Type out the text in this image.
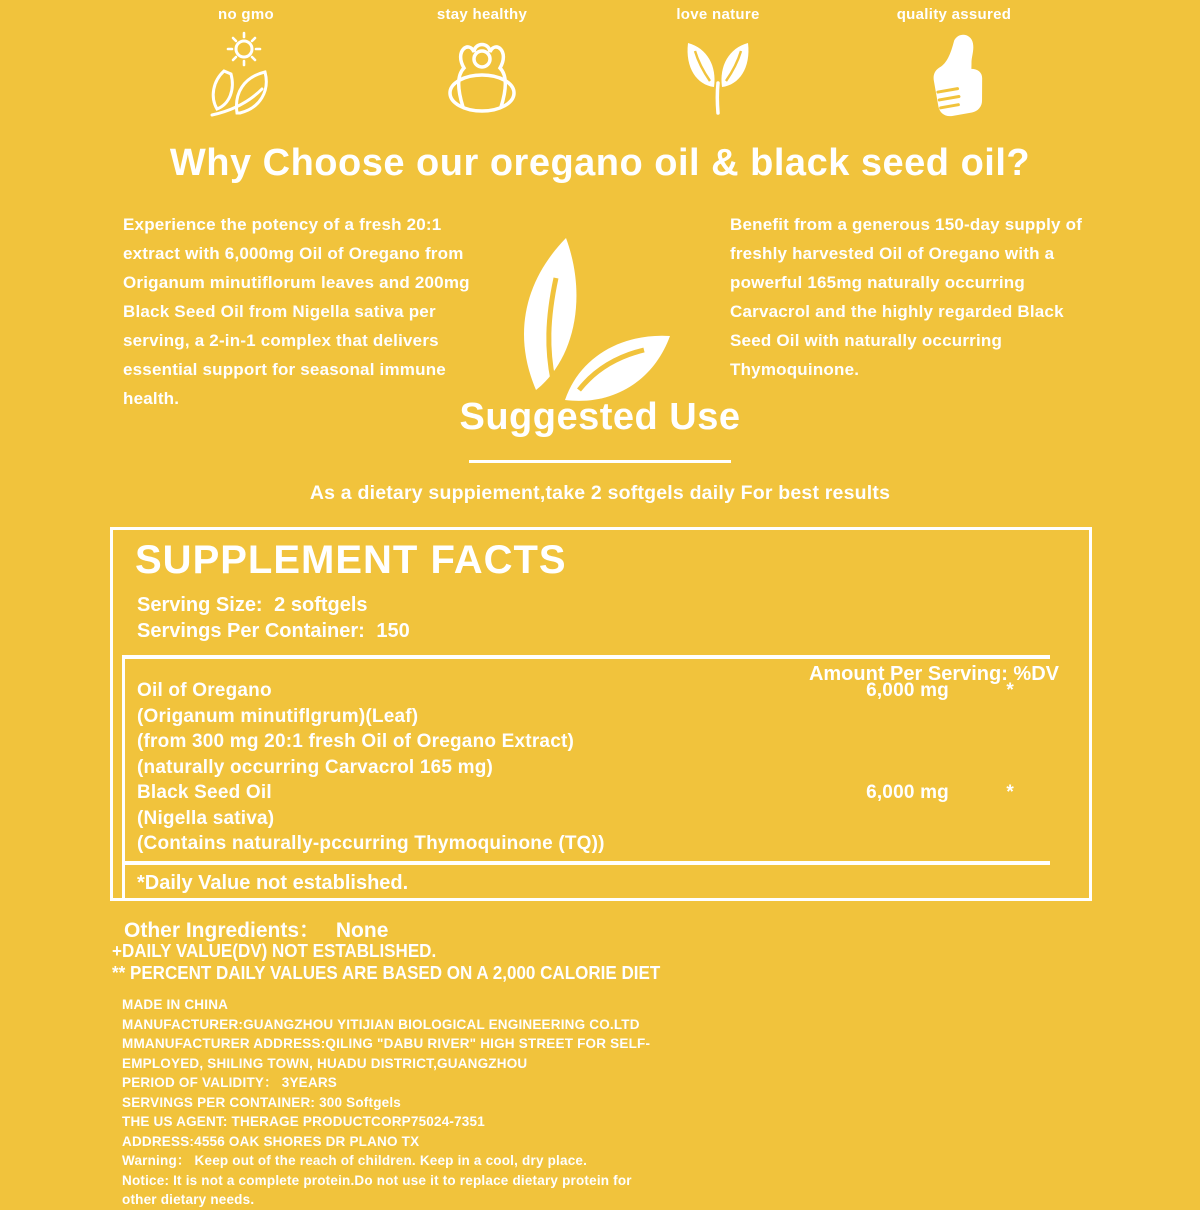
no gmo	stay healthy	love nature	quality assured
Why Choose our oregano oil & black seed oil?
Experience the potency of a fresh 20:1 extract with 6,000mg Oil of Oregano from Origanum minutiflorum leaves and 200mg Black Seed Oil from Nigella sativa per serving, a 2-in-1 complex that delivers essential support for seasonal immune health.
Benefit from a generous 150-day supply of freshly harvested Oil of Oregano with a powerful 165mg naturally occurring Carvacrol and the highly regarded Black Seed Oil with naturally occurring Thymoquinone.
Suggested Use
As a dietary suppiement,take 2 softgels daily For best results
SUPPLEMENT FACTS
Serving Size: 2 softgels
Servings Per Container: 150
Amount Per Serving: %DV
Oil of Oregano	6,000 mg	*
(Origanum minutiflgrum)(Leaf)
(from 300 mg 20:1 fresh Oil of Oregano Extract)
(naturally occurring Carvacrol 165 mg)
Black Seed Oil	6,000 mg	*
(Nigella sativa)
(Contains naturally-pccurring Thymoquinone (TQ))
*Daily Value not established.
Other Ingredients： None
+DAILY VALUE(DV) NOT ESTABLISHED.
** PERCENT DAILY VALUES ARE BASED ON A 2,000 CALORIE DIET
MADE IN CHINA
MANUFACTURER:GUANGZHOU YITIJIAN BIOLOGICAL ENGINEERING CO.LTD
MMANUFACTURER ADDRESS:QILING "DABU RIVER" HIGH STREET FOR SELF-
EMPLOYED, SHILING TOWN, HUADU DISTRICT,GUANGZHOU
PERIOD OF VALIDITY： 3YEARS
SERVINGS PER CONTAINER: 300 Softgels
THE US AGENT: THERAGE PRODUCTCORP75024-7351
ADDRESS:4556 OAK SHORES DR PLANO TX
Warning： Keep out of the reach of children. Keep in a cool, dry place.
Notice: It is not a complete protein.Do not use it to replace dietary protein for
other dietary needs.
